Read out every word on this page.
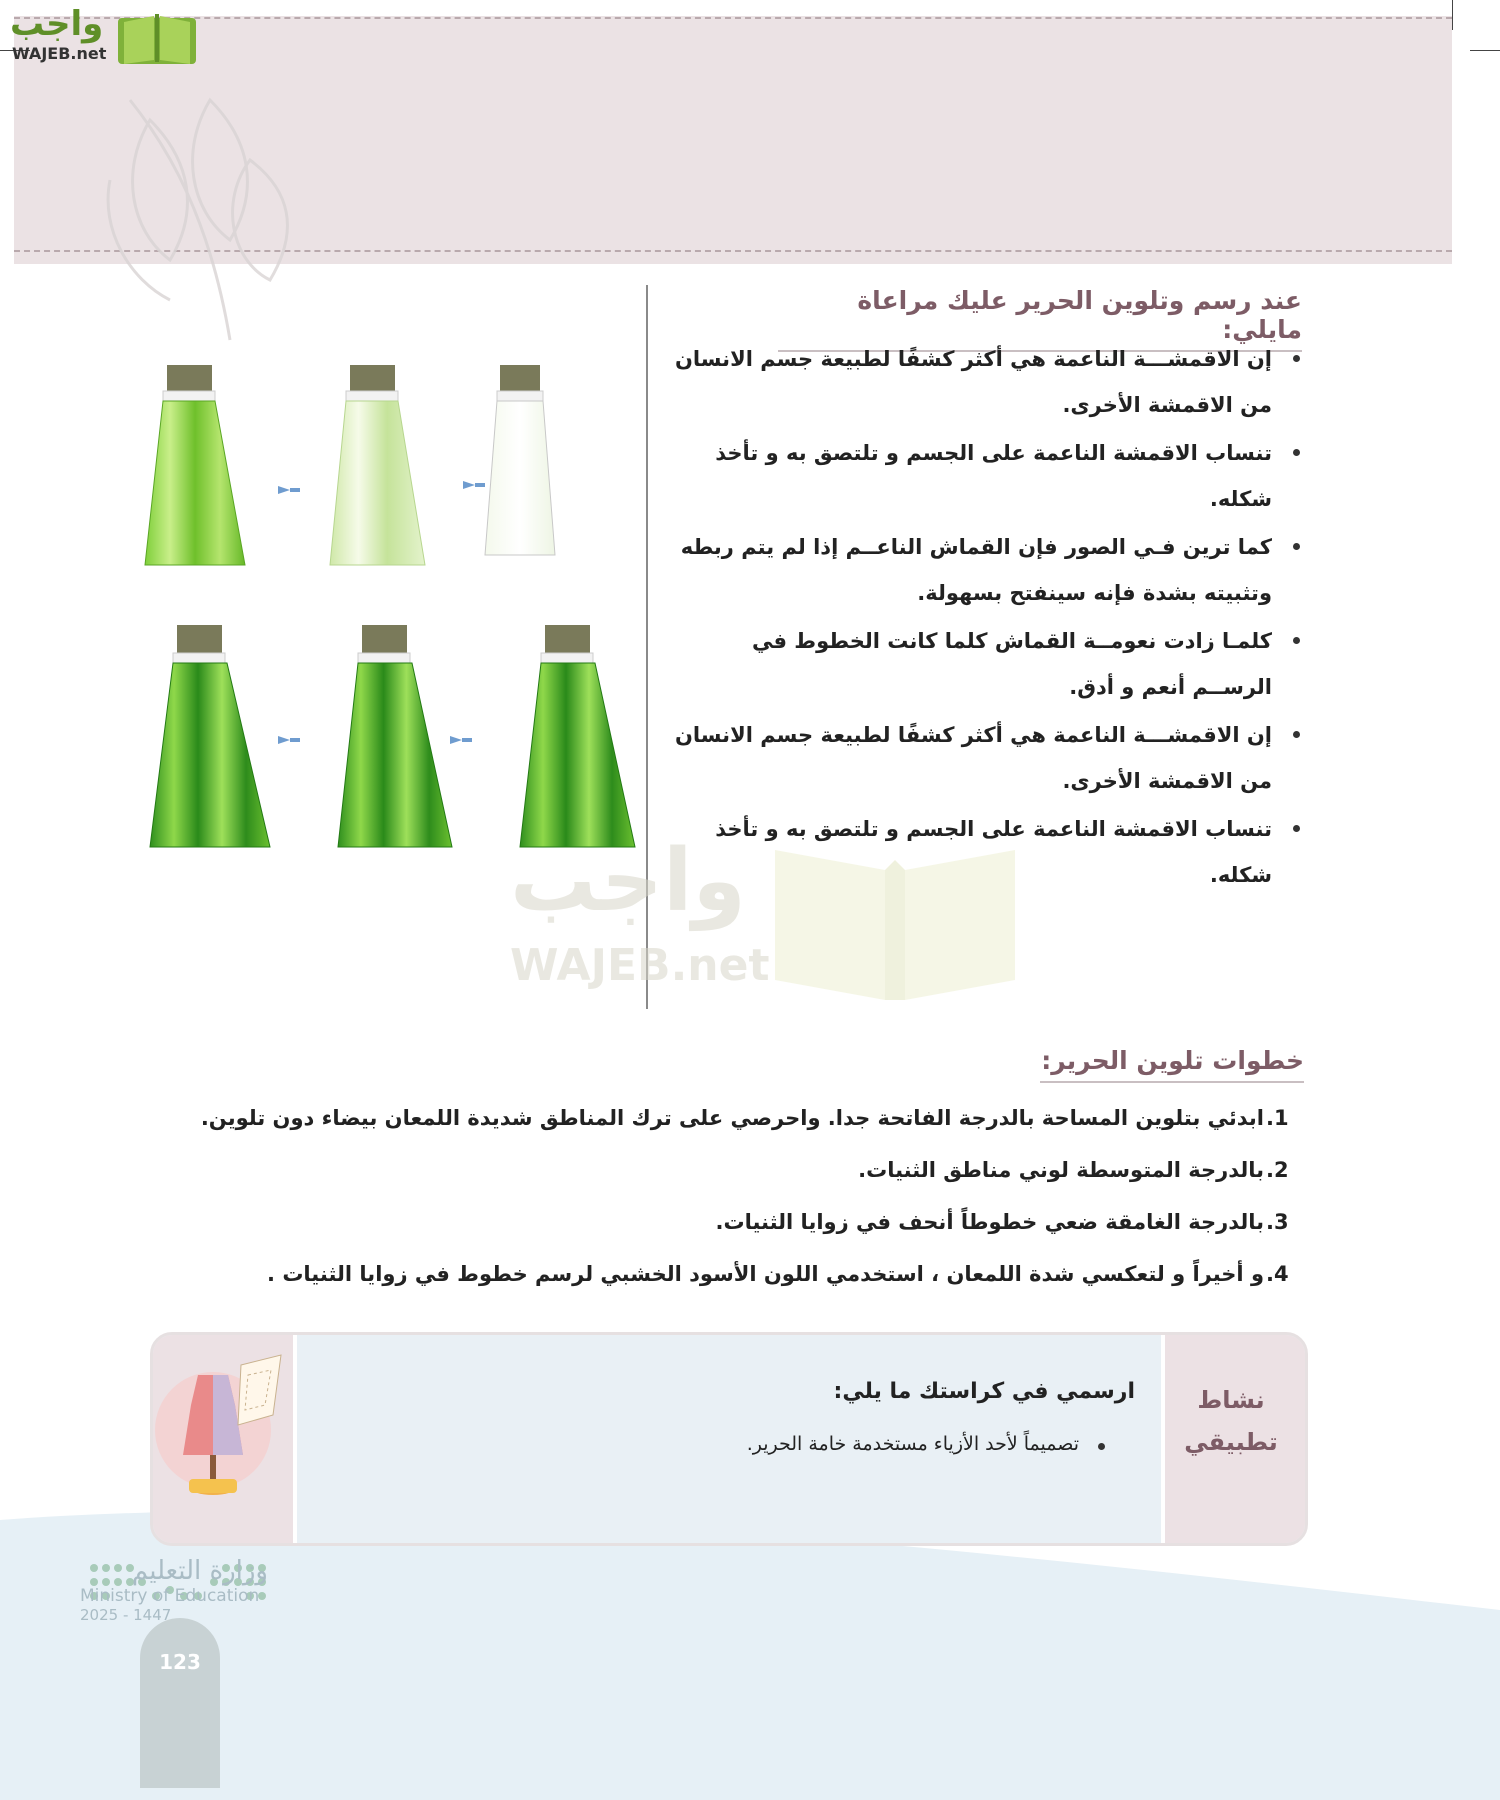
واجب
WAJEB.net
عند رسم وتلوين الحرير عليك مراعاة مايلي:
إن الاقمشـــة الناعمة هي أكثر كشفًا لطبيعة جسم الانسان من الاقمشة الأخرى.
تنساب الاقمشة الناعمة على الجسم و تلتصق به و تأخذ شكله.
كما ترين فـي الصور فإن القماش الناعــم إذا لم يتم ربطه وتثبيته بشدة فإنه سينفتح بسهولة.
كلمـا زادت نعومــة القماش كلما كانت الخطوط في الرســم أنعم و أدق.
إن الاقمشـــة الناعمة هي أكثر كشفًا لطبيعة جسم الانسان من الاقمشة الأخرى.
تنساب الاقمشة الناعمة على الجسم و تلتصق به و تأخذ شكله.
واجب
WAJEB.net
خطوات تلوين الحرير:
.1
ابدئي بتلوين المساحة بالدرجة الفاتحة جدا. واحرصي على ترك المناطق شديدة اللمعان بيضاء دون تلوين.
.2
بالدرجة المتوسطة لوني مناطق الثنيات.
.3
بالدرجة الغامقة ضعي خطوطاً أنحف في زوايا الثنيات.
.4
و أخيراً و لتعكسي شدة اللمعان ، استخدمي اللون الأسود الخشبي لرسم خطوط في زوايا الثنيات .
نشاط
تطبيقي
ارسمي في كراستك ما يلي:
تصميماً لأحد الأزياء مستخدمة خامة الحرير.
123
وزارة التعليم
Ministry of Education
2025 - 1447
